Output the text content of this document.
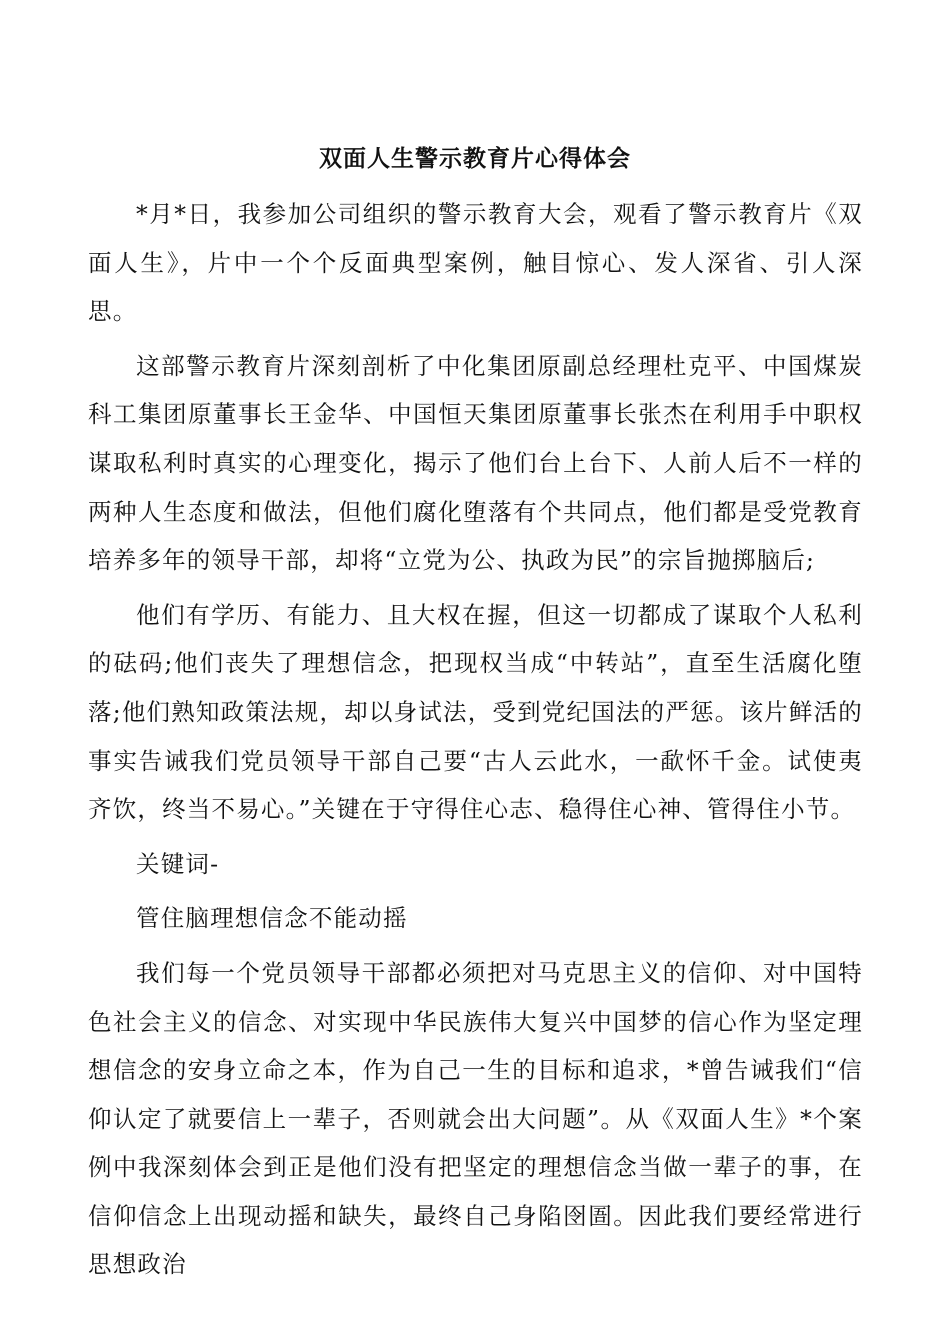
双面人生警示教育片心得体会

*月*日，我参加公司组织的警示教育大会，观看了警示教育片《双面人生》，片中一个个反面典型案例，触目惊心、发人深省、引人深思。

这部警示教育片深刻剖析了中化集团原副总经理杜克平、中国煤炭科工集团原董事长王金华、中国恒天集团原董事长张杰在利用手中职权谋取私利时真实的心理变化，揭示了他们台上台下、人前人后不一样的两种人生态度和做法，但他们腐化堕落有个共同点，他们都是受党教育培养多年的领导干部，却将“立党为公、执政为民”的宗旨抛掷脑后;

他们有学历、有能力、且大权在握，但这一切都成了谋取个人私利的砝码;他们丧失了理想信念，把现权当成“中转站”，直至生活腐化堕落;他们熟知政策法规，却以身试法，受到党纪国法的严惩。该片鲜活的事实告诫我们党员领导干部自己要“古人云此水，一歃怀千金。试使夷齐饮，终当不易心。”关键在于守得住心志、稳得住心神、管得住小节。

关键词-

管住脑理想信念不能动摇

我们每一个党员领导干部都必须把对马克思主义的信仰、对中国特色社会主义的信念、对实现中华民族伟大复兴中国梦的信心作为坚定理想信念的安身立命之本，作为自己一生的目标和追求，*曾告诫我们“信仰认定了就要信上一辈子，否则就会出大问题”。从《双面人生》*个案例中我深刻体会到正是他们没有把坚定的理想信念当做一辈子的事，在信仰信念上出现动摇和缺失，最终自己身陷囹圄。因此我们要经常进行思想政治
